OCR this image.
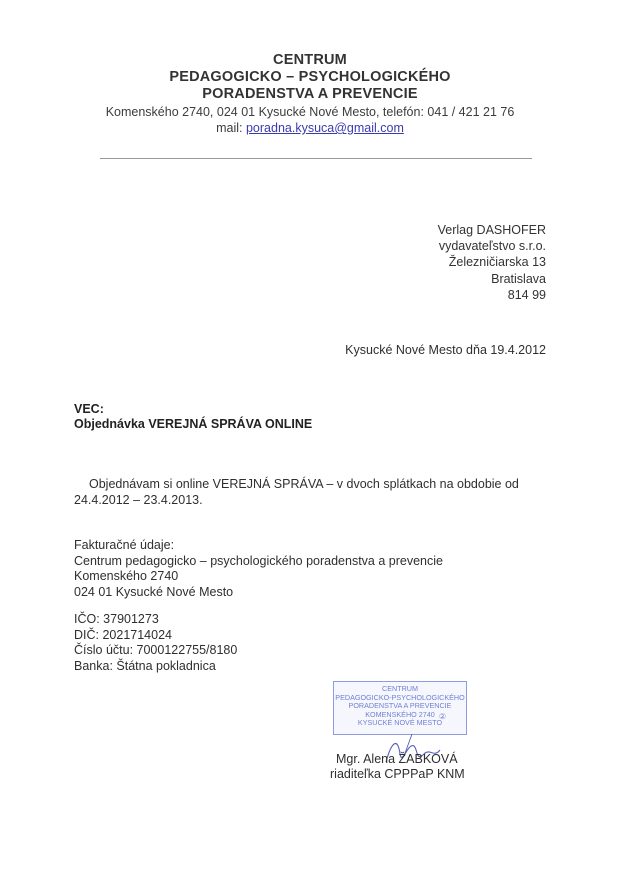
CENTRUM
PEDAGOGICKO – PSYCHOLOGICKÉHO
PORADENSTVA A PREVENCIE
Komenského 2740, 024 01 Kysucké Nové Mesto, telefón: 041 / 421 21 76
mail: poradna.kysuca@gmail.com
Verlag DASHOFER
vydavateľstvo s.r.o.
Železničiarska 13
Bratislava
814 99
Kysucké Nové Mesto dňa 19.4.2012
VEC:
Objednávka VEREJNÁ SPRÁVA ONLINE
Objednávam si online VEREJNÁ SPRÁVA – v dvoch splátkach na obdobie od
24.4.2012 – 23.4.2013.
Fakturačné údaje:
Centrum pedagogicko – psychologického poradenstva a prevencie
Komenského 2740
024 01 Kysucké Nové Mesto
IČO: 37901273
DIČ: 2021714024
Číslo účtu: 7000122755/8180
Banka: Štátna pokladnica
CENTRUM
PEDAGOGICKO-PSYCHOLOGICKÉHO
PORADENSTVA A PREVENCIE
KOMENSKÉHO 2740
KYSUCKÉ NOVÉ MESTO
②
Mgr. Alena ŽABKOVÁ
riaditeľka CPPPaP KNM
